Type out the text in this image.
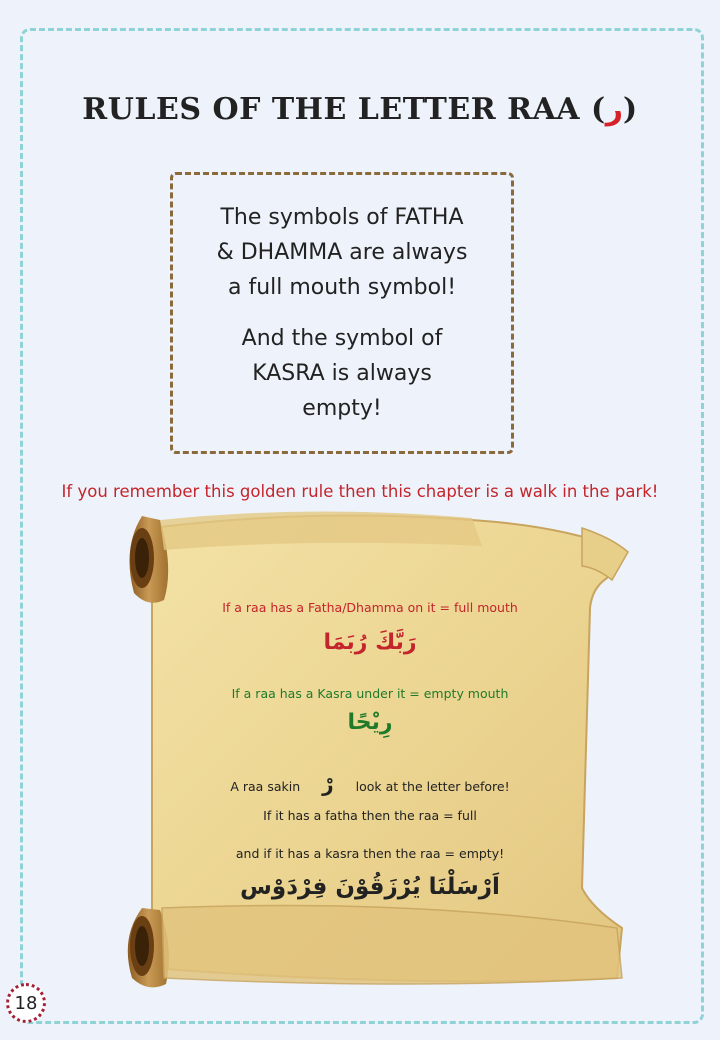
RULES OF THE LETTER RAA (ر)

The symbols of FATHA
& DHAMMA are always
a full mouth symbol!

And the symbol of
KASRA is always
empty!

If you remember this golden rule then this chapter is a walk in the park!
If a raa has a Fatha/Dhamma on it = full mouth
رَبَّكَ رُبَمَا
If a raa has a Kasra under it = empty mouth
رِيْحًا
A raa sakin رْ look at the letter before!
If it has a fatha then the raa = full
and if it has a kasra then the raa = empty!
اَرْسَلْنَا يُرْزَقُوْنَ فِرْدَوْس
18
